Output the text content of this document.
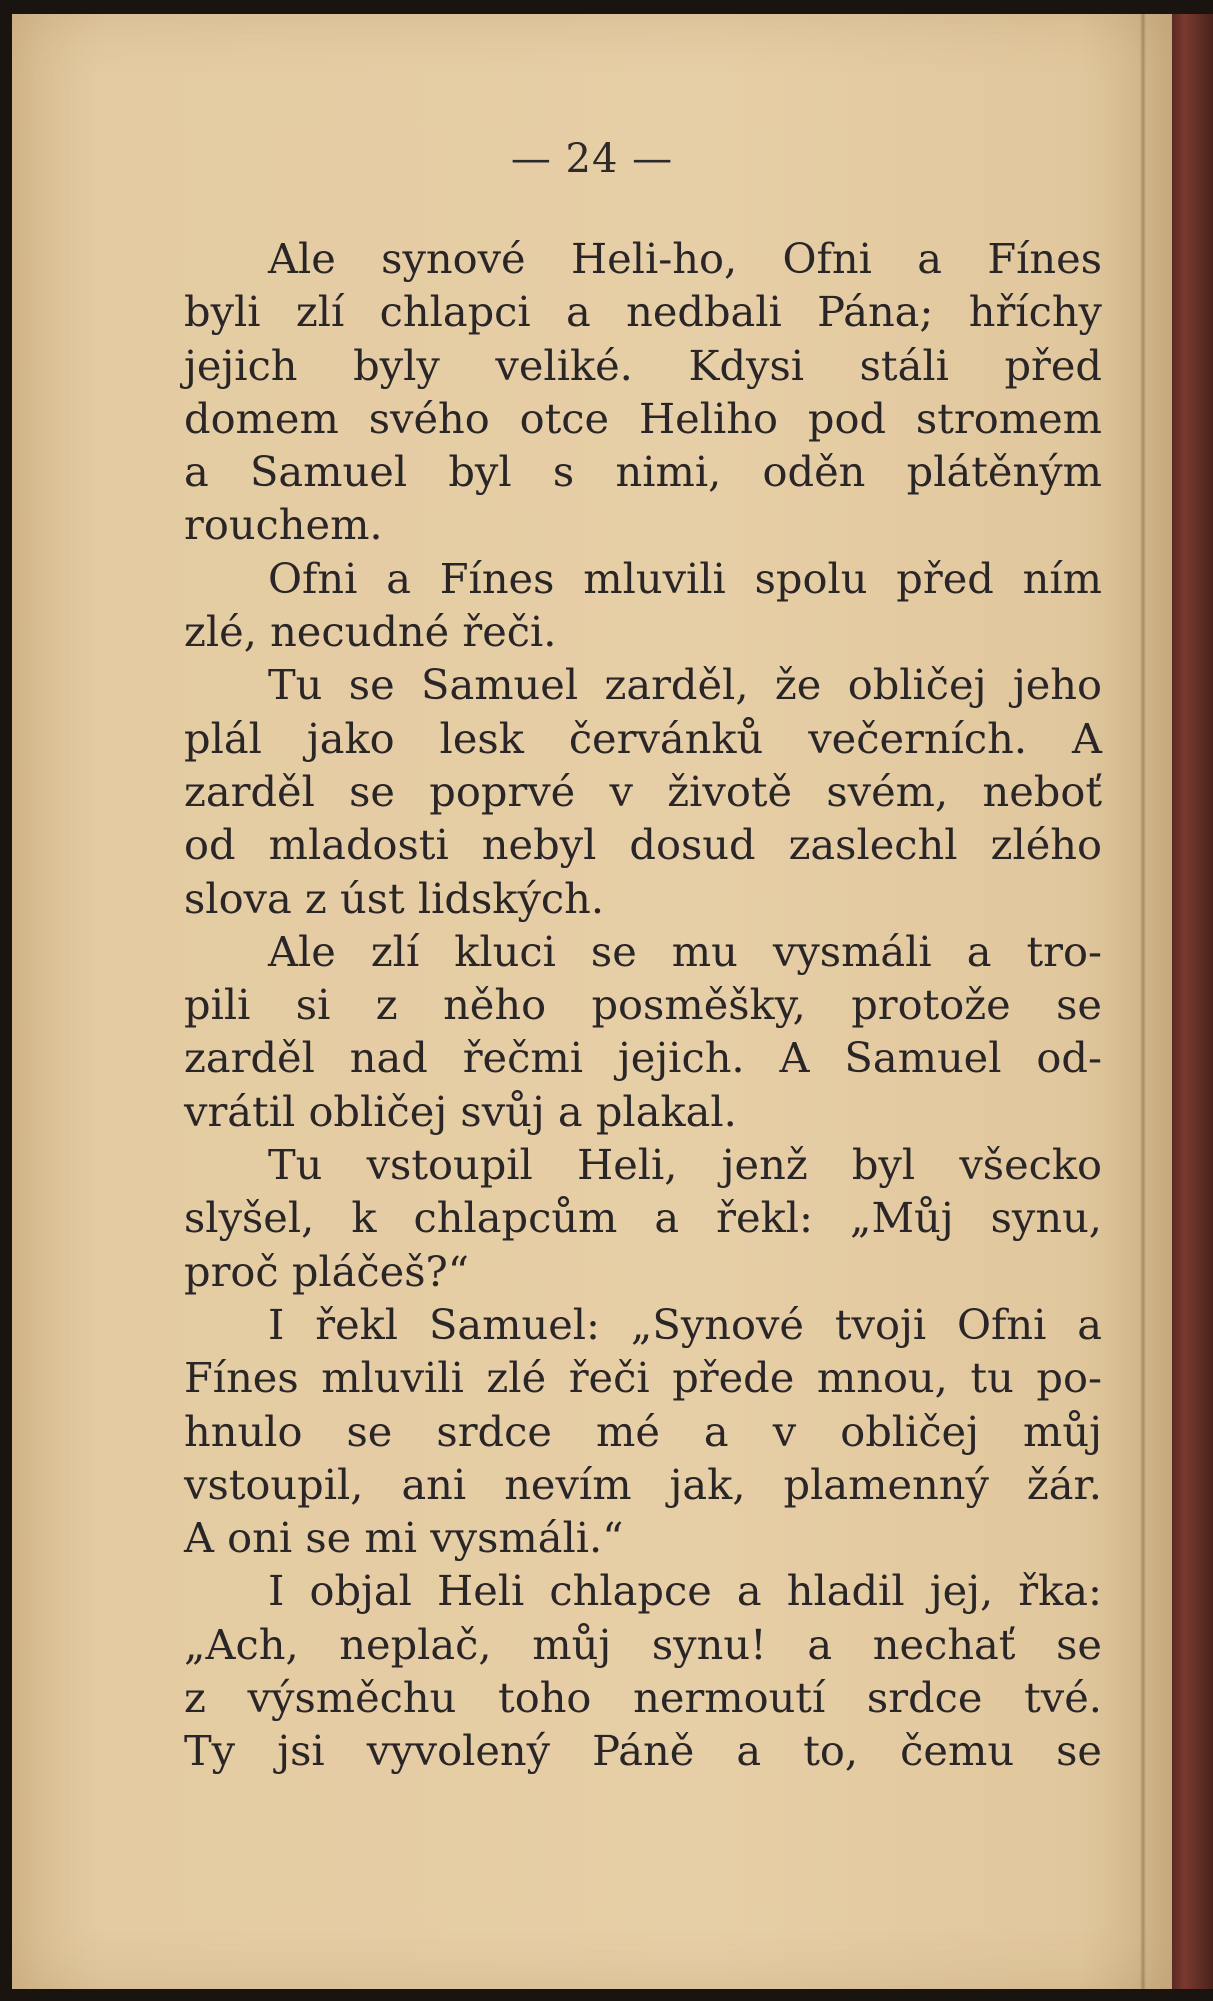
— 24 —
Ale synové Heli-ho, Ofni a Fínes
byli zlí chlapci a nedbali Pána; hříchy
jejich byly veliké. Kdysi stáli před
domem svého otce Heliho pod stromem
a Samuel byl s nimi, oděn plátěným
rouchem.
Ofni a Fínes mluvili spolu před ním
zlé, necudné řeči.
Tu se Samuel zarděl, že obličej jeho
plál jako lesk červánků večerních. A
zarděl se poprvé v životě svém, neboť
od mladosti nebyl dosud zaslechl zlého
slova z úst lidských.
Ale zlí kluci se mu vysmáli a tro-
pili si z něho posměšky, protože se
zarděl nad řečmi jejich. A Samuel od-
vrátil obličej svůj a plakal.
Tu vstoupil Heli, jenž byl všecko
slyšel, k chlapcům a řekl: „Můj synu,
proč pláčeš?“
I řekl Samuel: „Synové tvoji Ofni a
Fínes mluvili zlé řeči přede mnou, tu po-
hnulo se srdce mé a v obličej můj
vstoupil, ani nevím jak, plamenný žár.
A oni se mi vysmáli.“
I objal Heli chlapce a hladil jej, řka:
„Ach, neplač, můj synu! a nechať se
z výsměchu toho nermoutí srdce tvé.
Ty jsi vyvolený Páně a to, čemu se
